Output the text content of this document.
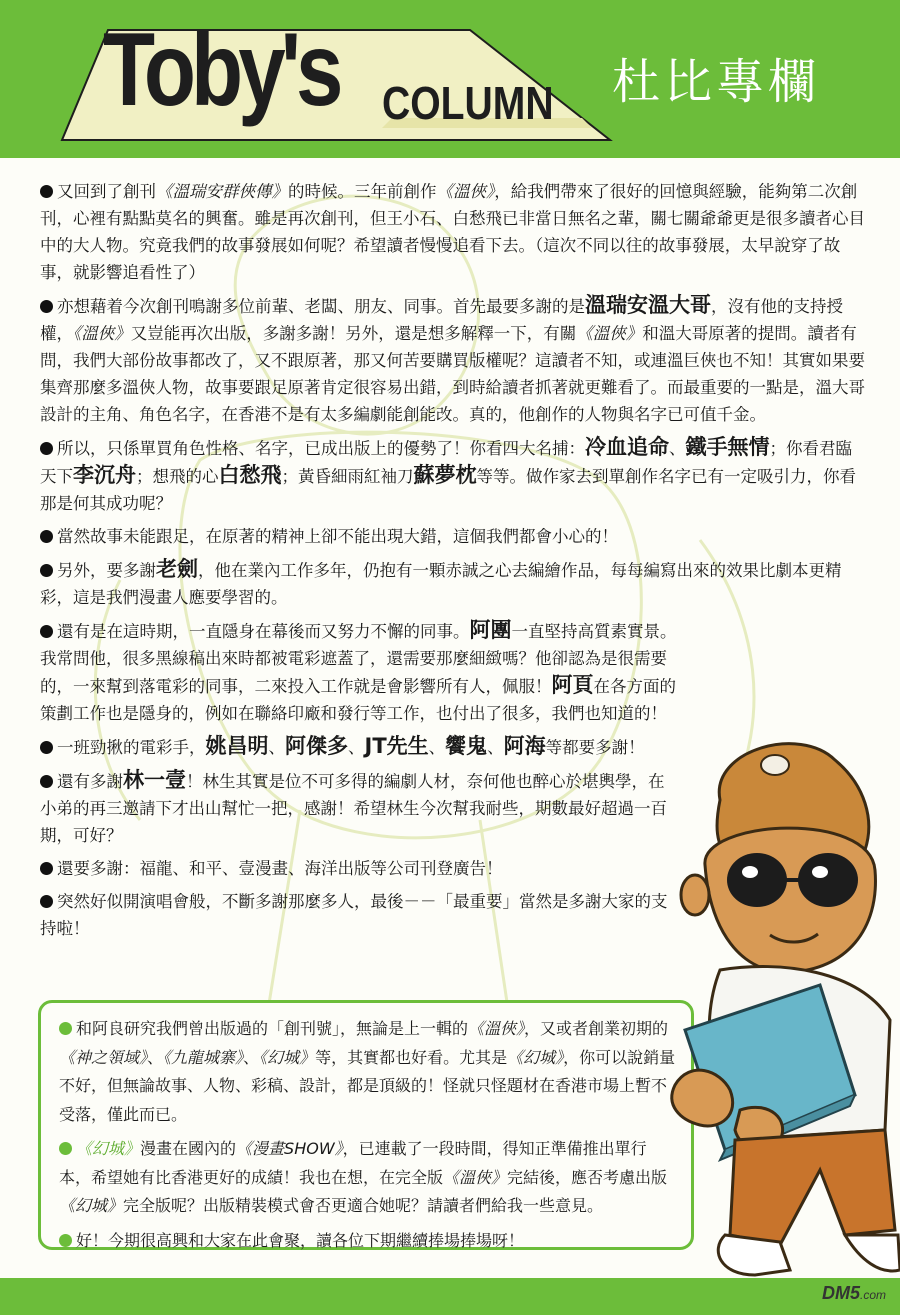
Toby's COLUMN 杜比專欄

又回到了創刊《溫瑞安群俠傳》的時候。三年前創作《溫俠》，給我們帶來了很好的回憶與經驗，能夠第二次創刊，心裡有點點莫名的興奮。雖是再次創刊，但王小石、白愁飛已非當日無名之輩，關七關爺爺更是很多讀者心目中的大人物。究竟我們的故事發展如何呢？希望讀者慢慢追看下去。（這次不同以往的故事發展，太早說穿了故事，就影響追看性了）

亦想藉着今次創刊鳴謝多位前輩、老闆、朋友、同事。首先最要多謝的是溫瑞安溫大哥，沒有他的支持授權，《溫俠》又豈能再次出版，多謝多謝！另外，還是想多解釋一下，有關《溫俠》和溫大哥原著的提問。讀者有問，我們大部份故事都改了，又不跟原著，那又何苦要購買版權呢？這讀者不知，或連溫巨俠也不知！其實如果要集齊那麼多溫俠人物，故事要跟足原著肯定很容易出錯，到時給讀者抓著就更難看了。而最重要的一點是，溫大哥設計的主角、角色名字，在香港不是有太多編劇能創能改。真的，他創作的人物與名字已可值千金。

所以，只係單買角色性格、名字，已成出版上的優勢了！你看四大名捕：冷血追命、鐵手無情；你看君臨天下李沉舟；想飛的心白愁飛；黃昏細雨紅袖刀蘇夢枕等等。做作家去到單創作名字已有一定吸引力，你看那是何其成功呢？

當然故事未能跟足，在原著的精神上卻不能出現大錯，這個我們都會小心的！

另外，要多謝老劍，他在業內工作多年，仍抱有一顆赤誠之心去編繪作品，每每編寫出來的效果比劇本更精彩，這是我們漫畫人應要學習的。

還有是在這時期，一直隱身在幕後而又努力不懈的同事。阿團一直堅持高質素實景。我常問他，很多黑線稿出來時都被電彩遮蓋了，還需要那麼細緻嗎？他卻認為是很需要的，一來幫到落電彩的同事，二來投入工作就是會影響所有人，佩服！阿頁在各方面的策劃工作也是隱身的，例如在聯絡印廠和發行等工作，也付出了很多，我們也知道的！

一班勁揪的電彩手，姚昌明、阿傑多、JT先生、饗鬼、阿海等都要多謝！

還有多謝林一壹！林生其實是位不可多得的編劇人材，奈何他也醉心於堪輿學，在小弟的再三邀請下才出山幫忙一把，感謝！希望林生今次幫我耐些，期數最好超過一百期，可好？

還要多謝：福龍、和平、壹漫畫、海洋出版等公司刊登廣告！

突然好似開演唱會般，不斷多謝那麼多人，最後－－「最重要」當然是多謝大家的支持啦！

和阿良研究我們曾出版過的「創刊號」，無論是上一輯的《溫俠》，又或者創業初期的《神之領域》、《九龍城寨》、《幻城》等，其實都也好看。尤其是《幻城》，你可以說銷量不好，但無論故事、人物、彩稿、設計，都是頂級的！怪就只怪題材在香港市場上暫不受落，僅此而已。

《幻城》漫畫在國內的《漫畫SHOW》，已連載了一段時間，得知正準備推出單行本，希望她有比香港更好的成績！我也在想，在完全版《溫俠》完結後，應否考慮出版《幻城》完全版呢？出版精裝模式會否更適合她呢？請讀者們給我一些意見。

好！今期很高興和大家在此會聚，讀各位下期繼續捧場捧場呀！

DM5.com
